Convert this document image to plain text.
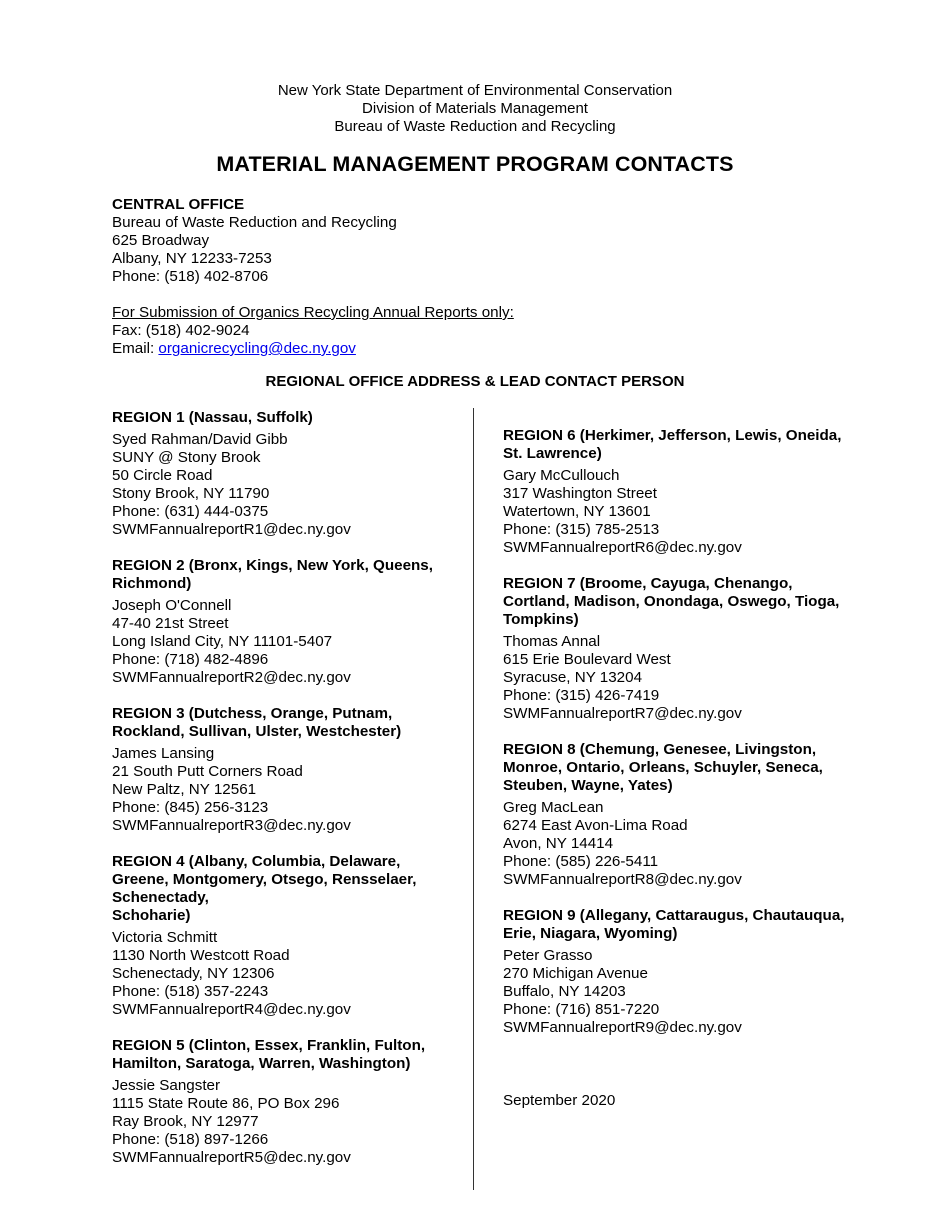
New York State Department of Environmental Conservation
Division of Materials Management
Bureau of Waste Reduction and Recycling
MATERIAL MANAGEMENT PROGRAM CONTACTS
CENTRAL OFFICE
Bureau of Waste Reduction and Recycling
625 Broadway
Albany, NY 12233-7253
Phone: (518) 402-8706
For Submission of Organics Recycling Annual Reports only:
Fax: (518) 402-9024
Email: organicrecycling@dec.ny.gov
REGIONAL OFFICE ADDRESS & LEAD CONTACT PERSON
REGION 1 (Nassau, Suffolk)
Syed Rahman/David Gibb
SUNY @ Stony Brook
50 Circle Road
Stony Brook, NY 11790
Phone: (631) 444-0375
SWMFannualreportR1@dec.ny.gov
REGION 2 (Bronx, Kings, New York, Queens, Richmond)
Joseph O'Connell
47-40 21st Street
Long Island City, NY 11101-5407
Phone: (718) 482-4896
SWMFannualreportR2@dec.ny.gov
REGION 3 (Dutchess, Orange, Putnam, Rockland, Sullivan, Ulster, Westchester)
James Lansing
21 South Putt Corners Road
New Paltz, NY 12561
Phone: (845) 256-3123
SWMFannualreportR3@dec.ny.gov
REGION 4 (Albany, Columbia, Delaware, Greene, Montgomery, Otsego, Rensselaer, Schenectady,
Schoharie)
Victoria Schmitt
1130 North Westcott Road
Schenectady, NY 12306
Phone: (518) 357-2243
SWMFannualreportR4@dec.ny.gov
REGION 5 (Clinton, Essex, Franklin, Fulton, Hamilton, Saratoga, Warren, Washington)
Jessie Sangster
1115 State Route 86, PO Box 296
Ray Brook, NY 12977
Phone: (518) 897-1266
SWMFannualreportR5@dec.ny.gov
REGION 6 (Herkimer, Jefferson, Lewis, Oneida, St. Lawrence)
Gary McCullouch
317 Washington Street
Watertown, NY 13601
Phone: (315) 785-2513
SWMFannualreportR6@dec.ny.gov
REGION 7 (Broome, Cayuga, Chenango, Cortland, Madison, Onondaga, Oswego, Tioga, Tompkins)
Thomas Annal
615 Erie Boulevard West
Syracuse, NY 13204
Phone: (315) 426-7419
SWMFannualreportR7@dec.ny.gov
REGION 8 (Chemung, Genesee, Livingston, Monroe, Ontario, Orleans, Schuyler, Seneca, Steuben, Wayne, Yates)
Greg MacLean
6274 East Avon-Lima Road
Avon, NY 14414
Phone: (585) 226-5411
SWMFannualreportR8@dec.ny.gov
REGION 9 (Allegany, Cattaraugus, Chautauqua, Erie, Niagara, Wyoming)
Peter Grasso
270 Michigan Avenue
Buffalo, NY 14203
Phone: (716) 851-7220
SWMFannualreportR9@dec.ny.gov
September 2020
